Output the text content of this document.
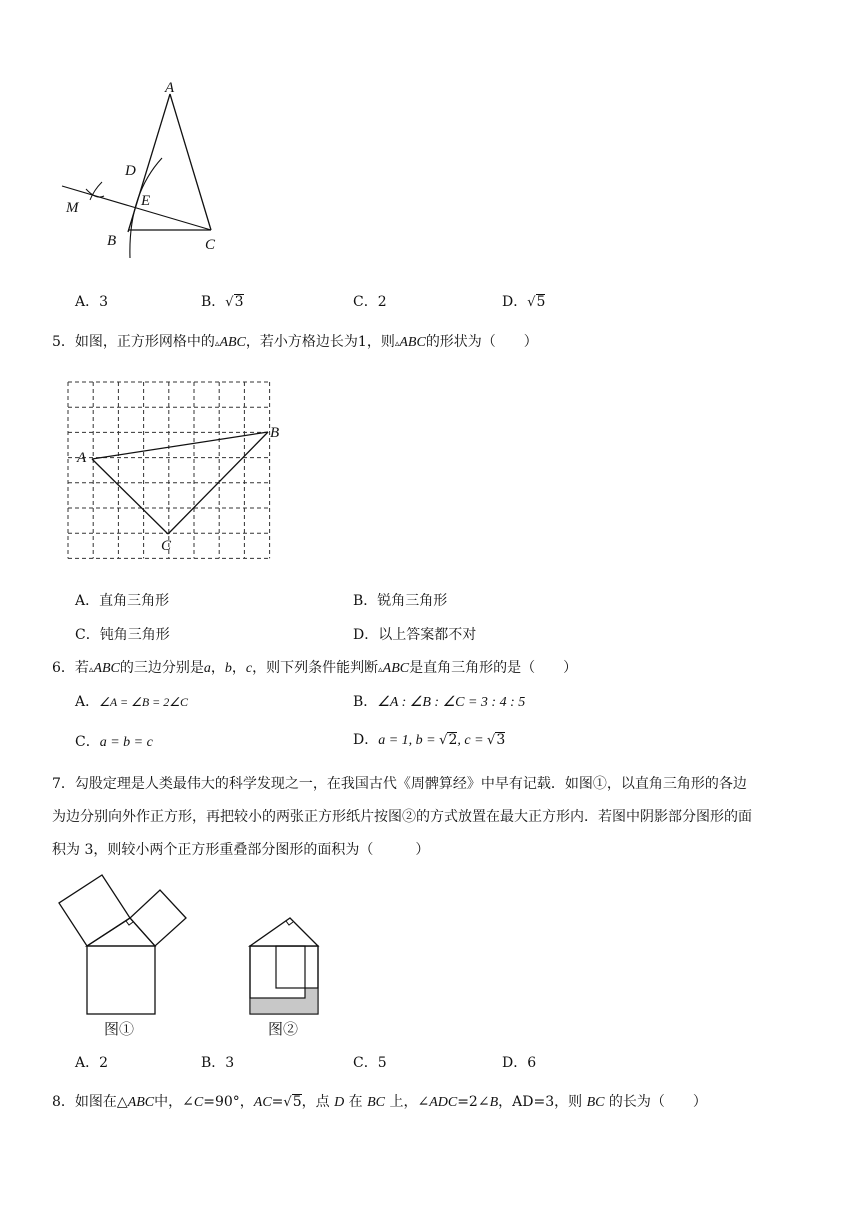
A
D
E
M
B	C
A．3	B．√3	C．2	D．√5
5．如图，正方形网格中的▵ABC，若小方格边长为1，则▵ABC的形状为（　　）
A
B
C
A．直角三角形	B．锐角三角形
C．钝角三角形	D．以上答案都不对
6．若▵ABC的三边分别是a，b，c，则下列条件能判断▵ABC是直角三角形的是（　　）
A．∠A = ∠B = 2∠C	B．∠A : ∠B : ∠C = 3 : 4 : 5
C．a = b = c	D．a = 1, b = √2, c = √3
7．勾股定理是人类最伟大的科学发现之一，在我国古代《周髀算经》中早有记载．如图①，以直角三角形的各边
为边分别向外作正方形，再把较小的两张正方形纸片按图②的方式放置在最大正方形内．若图中阴影部分图形的面
积为 3，则较小两个正方形重叠部分图形的面积为（　　　）
图①	图②
A．2	B．3	C．5	D．6
8．如图在△ABC中，∠C=90°，AC=√5，点 D 在 BC 上，∠ADC=2∠B，AD=3，则 BC 的长为（　　）
